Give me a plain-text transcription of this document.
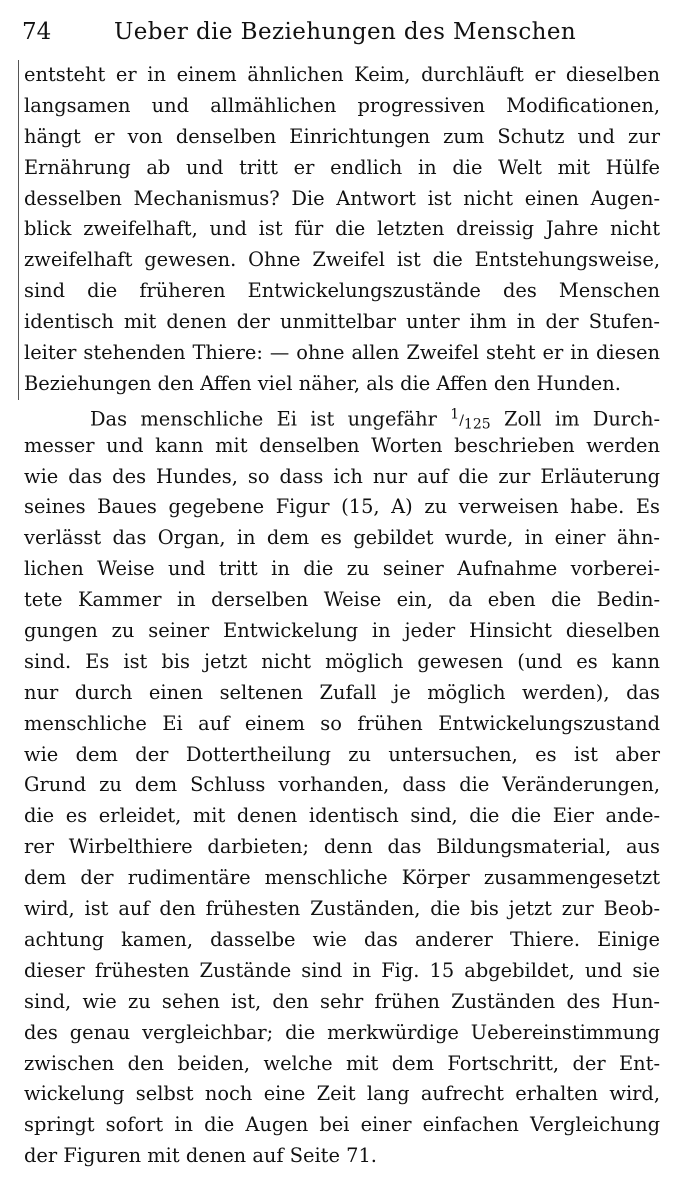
74	Ueber die Beziehungen des Menschen
entsteht er in einem ähnlichen Keim, durchläuft er dieselben
langsamen und allmählichen progressiven Modificationen,
hängt er von denselben Einrichtungen zum Schutz und zur
Ernährung ab und tritt er endlich in die Welt mit Hülfe
desselben Mechanismus? Die Antwort ist nicht einen Augen-
blick zweifelhaft, und ist für die letzten dreissig Jahre nicht
zweifelhaft gewesen. Ohne Zweifel ist die Entstehungsweise,
sind die früheren Entwickelungszustände des Menschen
identisch mit denen der unmittelbar unter ihm in der Stufen-
leiter stehenden Thiere: — ohne allen Zweifel steht er in diesen
Beziehungen den Affen viel näher, als die Affen den Hunden.
Das menschliche Ei ist ungefähr 1/125 Zoll im Durch-
messer und kann mit denselben Worten beschrieben werden
wie das des Hundes, so dass ich nur auf die zur Erläuterung
seines Baues gegebene Figur (15, A) zu verweisen habe. Es
verlässt das Organ, in dem es gebildet wurde, in einer ähn-
lichen Weise und tritt in die zu seiner Aufnahme vorberei-
tete Kammer in derselben Weise ein, da eben die Bedin-
gungen zu seiner Entwickelung in jeder Hinsicht dieselben
sind. Es ist bis jetzt nicht möglich gewesen (und es kann
nur durch einen seltenen Zufall je möglich werden), das
menschliche Ei auf einem so frühen Entwickelungszustand
wie dem der Dottertheilung zu untersuchen, es ist aber
Grund zu dem Schluss vorhanden, dass die Veränderungen,
die es erleidet, mit denen identisch sind, die die Eier ande-
rer Wirbelthiere darbieten; denn das Bildungsmaterial, aus
dem der rudimentäre menschliche Körper zusammengesetzt
wird, ist auf den frühesten Zuständen, die bis jetzt zur Beob-
achtung kamen, dasselbe wie das anderer Thiere. Einige
dieser frühesten Zustände sind in Fig. 15 abgebildet, und sie
sind, wie zu sehen ist, den sehr frühen Zuständen des Hun-
des genau vergleichbar; die merkwürdige Uebereinstimmung
zwischen den beiden, welche mit dem Fortschritt, der Ent-
wickelung selbst noch eine Zeit lang aufrecht erhalten wird,
springt sofort in die Augen bei einer einfachen Vergleichung
der Figuren mit denen auf Seite 71.
